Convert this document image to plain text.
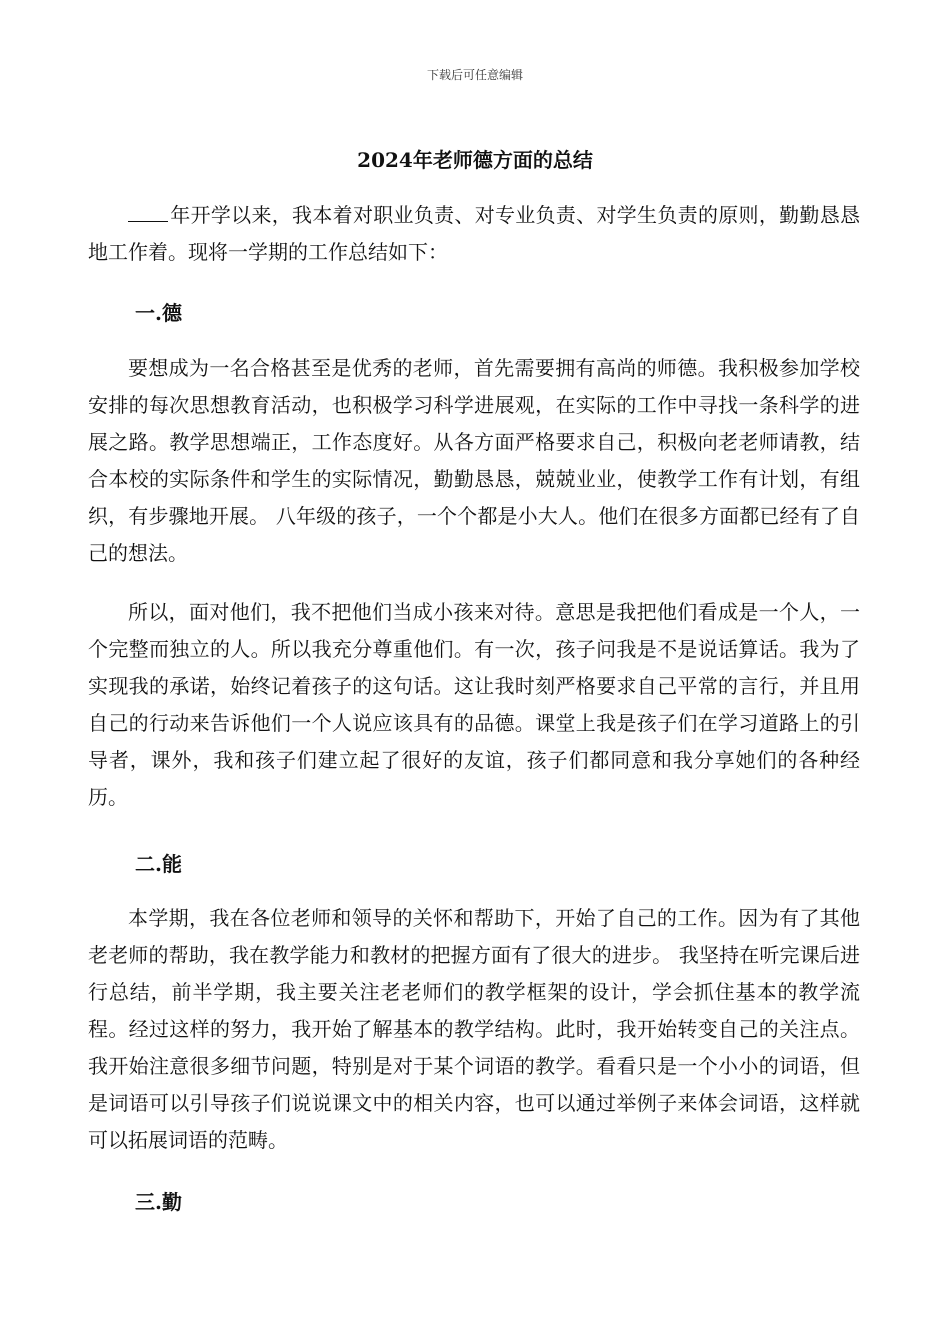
下载后可任意编辑
2024年老师德方面的总结

年开学以来，我本着对职业负责、对专业负责、对学生负责的原则，勤勤恳恳地工作着。现将一学期的工作总结如下：

一.德

要想成为一名合格甚至是优秀的老师，首先需要拥有高尚的师德。我积极参加学校安排的每次思想教育活动，也积极学习科学进展观，在实际的工作中寻找一条科学的进展之路。教学思想端正，工作态度好。从各方面严格要求自己，积极向老老师请教，结合本校的实际条件和学生的实际情况，勤勤恳恳，兢兢业业，使教学工作有计划，有组织，有步骤地开展。 八年级的孩子，一个个都是小大人。他们在很多方面都已经有了自己的想法。

所以，面对他们，我不把他们当成小孩来对待。意思是我把他们看成是一个人，一个完整而独立的人。所以我充分尊重他们。有一次，孩子问我是不是说话算话。我为了实现我的承诺，始终记着孩子的这句话。这让我时刻严格要求自己平常的言行，并且用自己的行动来告诉他们一个人说应该具有的品德。课堂上我是孩子们在学习道路上的引导者，课外，我和孩子们建立起了很好的友谊，孩子们都同意和我分享她们的各种经历。

二.能

本学期，我在各位老师和领导的关怀和帮助下，开始了自己的工作。因为有了其他老老师的帮助，我在教学能力和教材的把握方面有了很大的进步。 我坚持在听完课后进行总结，前半学期，我主要关注老老师们的教学框架的设计，学会抓住基本的教学流程。经过这样的努力，我开始了解基本的教学结构。此时，我开始转变自己的关注点。我开始注意很多细节问题，特别是对于某个词语的教学。看看只是一个小小的词语，但是词语可以引导孩子们说说课文中的相关内容，也可以通过举例子来体会词语，这样就可以拓展词语的范畴。

三.勤
